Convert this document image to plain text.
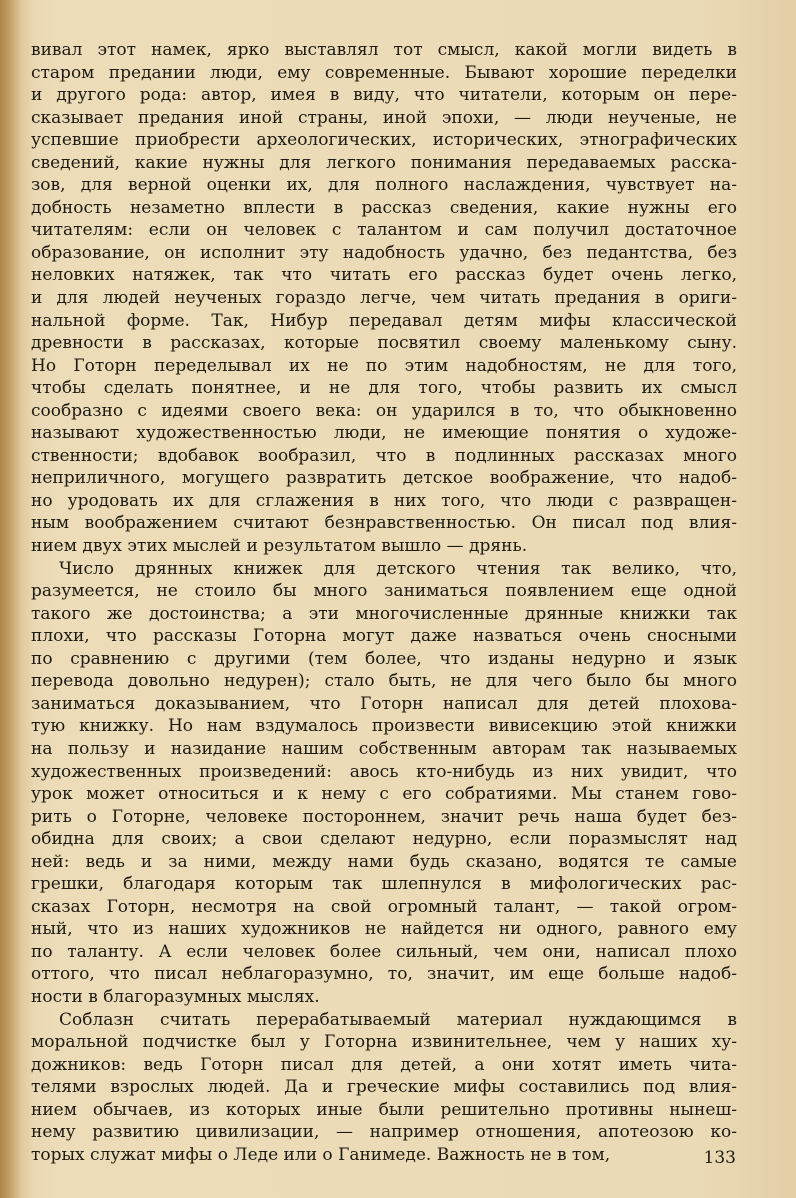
вивал этот намек, ярко выставлял тот смысл, какой могли видеть в
старом предании люди, ему современные. Бывают хорошие переделки
и другого рода: автор, имея в виду, что читатели, которым он пере-
сказывает предания иной страны, иной эпохи, — люди неученые, не
успевшие приобрести археологических, исторических, этнографических
сведений, какие нужны для легкого понимания передаваемых расска-
зов, для верной оценки их, для полного наслаждения, чувствует на-
добность незаметно вплести в рассказ сведения, какие нужны его
читателям: если он человек с талантом и сам получил достаточное
образование, он исполнит эту надобность удачно, без педантства, без
неловких натяжек, так что читать его рассказ будет очень легко,
и для людей неученых гораздо легче, чем читать предания в ориги-
нальной форме. Так, Нибур передавал детям мифы классической
древности в рассказах, которые посвятил своему маленькому сыну.
Но Готорн переделывал их не по этим надобностям, не для того,
чтобы сделать понятнее, и не для того, чтобы развить их смысл
сообразно с идеями своего века: он ударился в то, что обыкновенно
называют художественностью люди, не имеющие понятия о художе-
ственности; вдобавок вообразил, что в подлинных рассказах много
неприличного, могущего развратить детское воображение, что надоб-
но уродовать их для сглажения в них того, что люди с развращен-
ным воображением считают безнравственностью. Он писал под влия-
нием двух этих мыслей и результатом вышло — дрянь.
Число дрянных книжек для детского чтения так велико, что,
разумеется, не стоило бы много заниматься появлением еще одной
такого же достоинства; а эти многочисленные дрянные книжки так
плохи, что рассказы Готорна могут даже назваться очень сносными
по сравнению с другими (тем более, что изданы недурно и язык
перевода довольно недурен); стало быть, не для чего было бы много
заниматься доказыванием, что Готорн написал для детей плохова-
тую книжку. Но нам вздумалось произвести вивисекцию этой книжки
на пользу и назидание нашим собственным авторам так называемых
художественных произведений: авось кто-нибудь из них увидит, что
урок может относиться и к нему с его собратиями. Мы станем гово-
рить о Готорне, человеке постороннем, значит речь наша будет без-
обидна для своих; а свои сделают недурно, если поразмыслят над
ней: ведь и за ними, между нами будь сказано, водятся те самые
грешки, благодаря которым так шлепнулся в мифологических рас-
сказах Готорн, несмотря на свой огромный талант, — такой огром-
ный, что из наших художников не найдется ни одного, равного ему
по таланту. А если человек более сильный, чем они, написал плохо
оттого, что писал неблагоразумно, то, значит, им еще больше надоб-
ности в благоразумных мыслях.
Соблазн считать перерабатываемый материал нуждающимся в
моральной подчистке был у Готорна извинительнее, чем у наших ху-
дожников: ведь Готорн писал для детей, а они хотят иметь чита-
телями взрослых людей. Да и греческие мифы составились под влия-
нием обычаев, из которых иные были решительно противны нынеш-
нему развитию цивилизации, — например отношения, апотеозою ко-
торых служат мифы о Леде или о Ганимеде. Важность не в том,	133
